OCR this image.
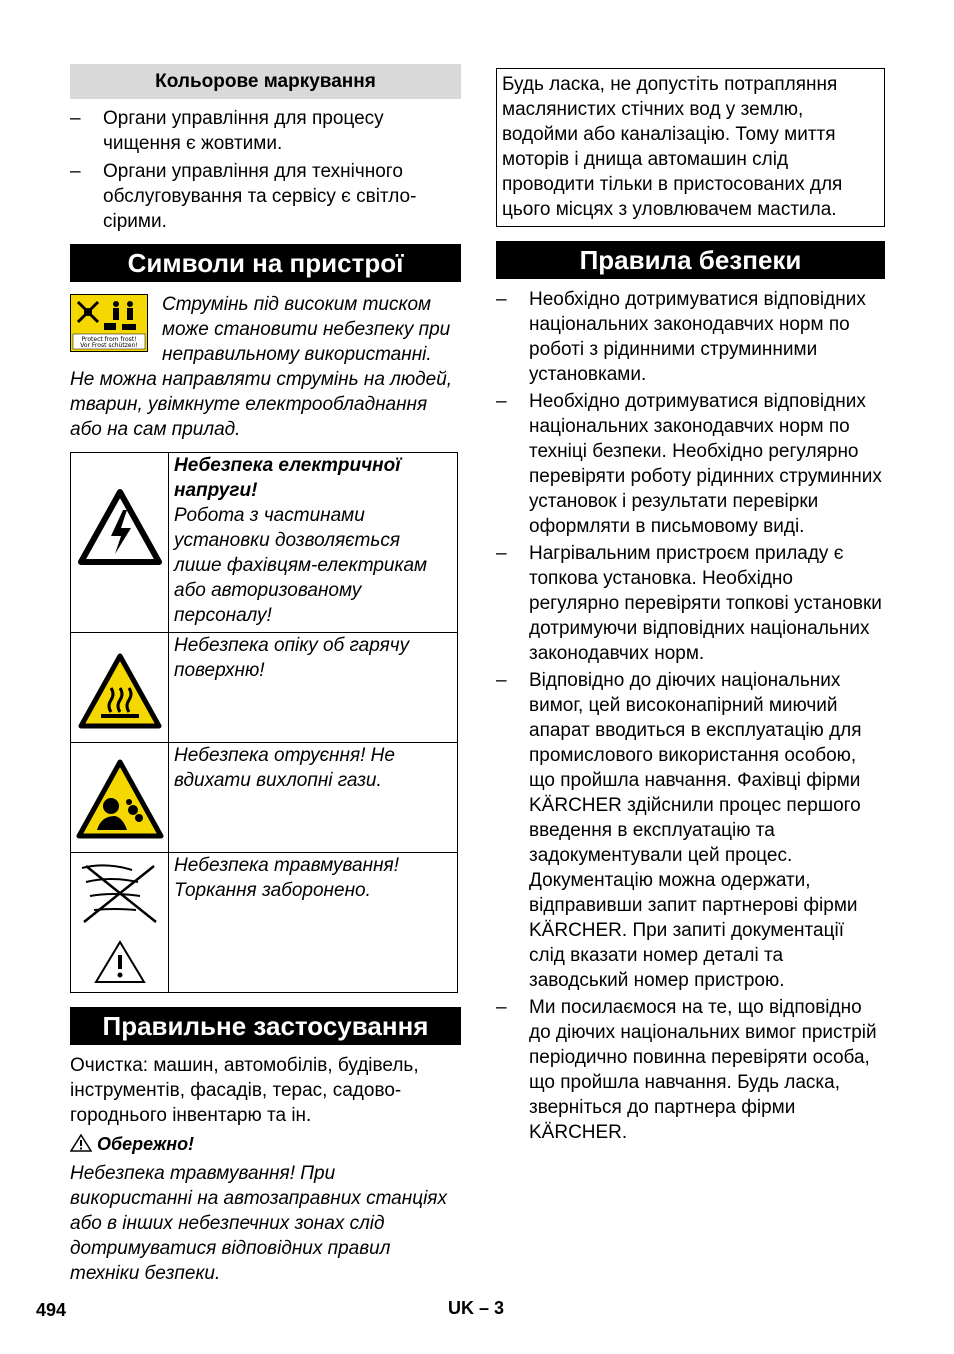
Кольорове маркування
– Органи управління для процесу чищення є жовтими.
– Органи управління для технічного обслуговування та сервісу є світло-сірими.
Символи на пристрої
Protect from frost!
Vor Frost schützen!
Струмінь під високим тиском може становити небезпеку при неправильному використанні. Не можна направляти струмінь на людей, тварин, увімкнуте електрообладнання або на сам прилад.

Небезпека електричної напруги!
Робота з частинами установки дозволяється лише фахівцям-електрикам або авторизованому персоналу!

	Небезпека опіку об гарячу поверхню!
	Небезпека отруєння! Не вдихати вихлопні гази.
	Небезпека травмування! Торкання заборонено.
Правильне застосування
Очистка: машин, автомобілів, будівель, інструментів, фасадів, терас, садово-городнього інвентарю та ін.
Обережно!
Небезпека травмування! При використанні на автозаправних станціях або в інших небезпечних зонах слід дотримуватися відповідних правил техніки безпеки.
Будь ласка, не допустіть потрапляння маслянистих стічних вод у землю, водойми або каналізацію. Тому миття моторів і днища автомашин слід проводити тільки в пристосованих для цього місцях з уловлювачем мастила.
Правила безпеки
– Необхідно дотримуватися відповідних національних законодавчих норм по роботі з рідинними струминними установками.
– Необхідно дотримуватися відповідних національних законодавчих норм по техніці безпеки. Необхідно регулярно перевіряти роботу рідинних струминних установок і результати перевірки оформляти в письмовому виді.
– Нагрівальним пристроєм приладу є топкова установка. Необхідно регулярно перевіряти топкові установки дотримуючи відповідних національних законодавчих норм.
– Відповідно до діючих національних вимог, цей високонапірний миючий апарат вводиться в експлуатацію для промислового використання особою, що пройшла навчання. Фахівці фірми KÄRCHER здійснили процес першого введення в експлуатацію та задокументували цей процес. Документацію можна одержати, відправивши запит партнерові фірми KÄRCHER. При запиті документації слід вказати номер деталі та заводський номер пристрою.
– Ми посилаємося на те, що відповідно до діючих національних вимог пристрій періодично повинна перевіряти особа, що пройшла навчання. Будь ласка, зверніться до партнера фірми KÄRCHER.
494	UK – 3
